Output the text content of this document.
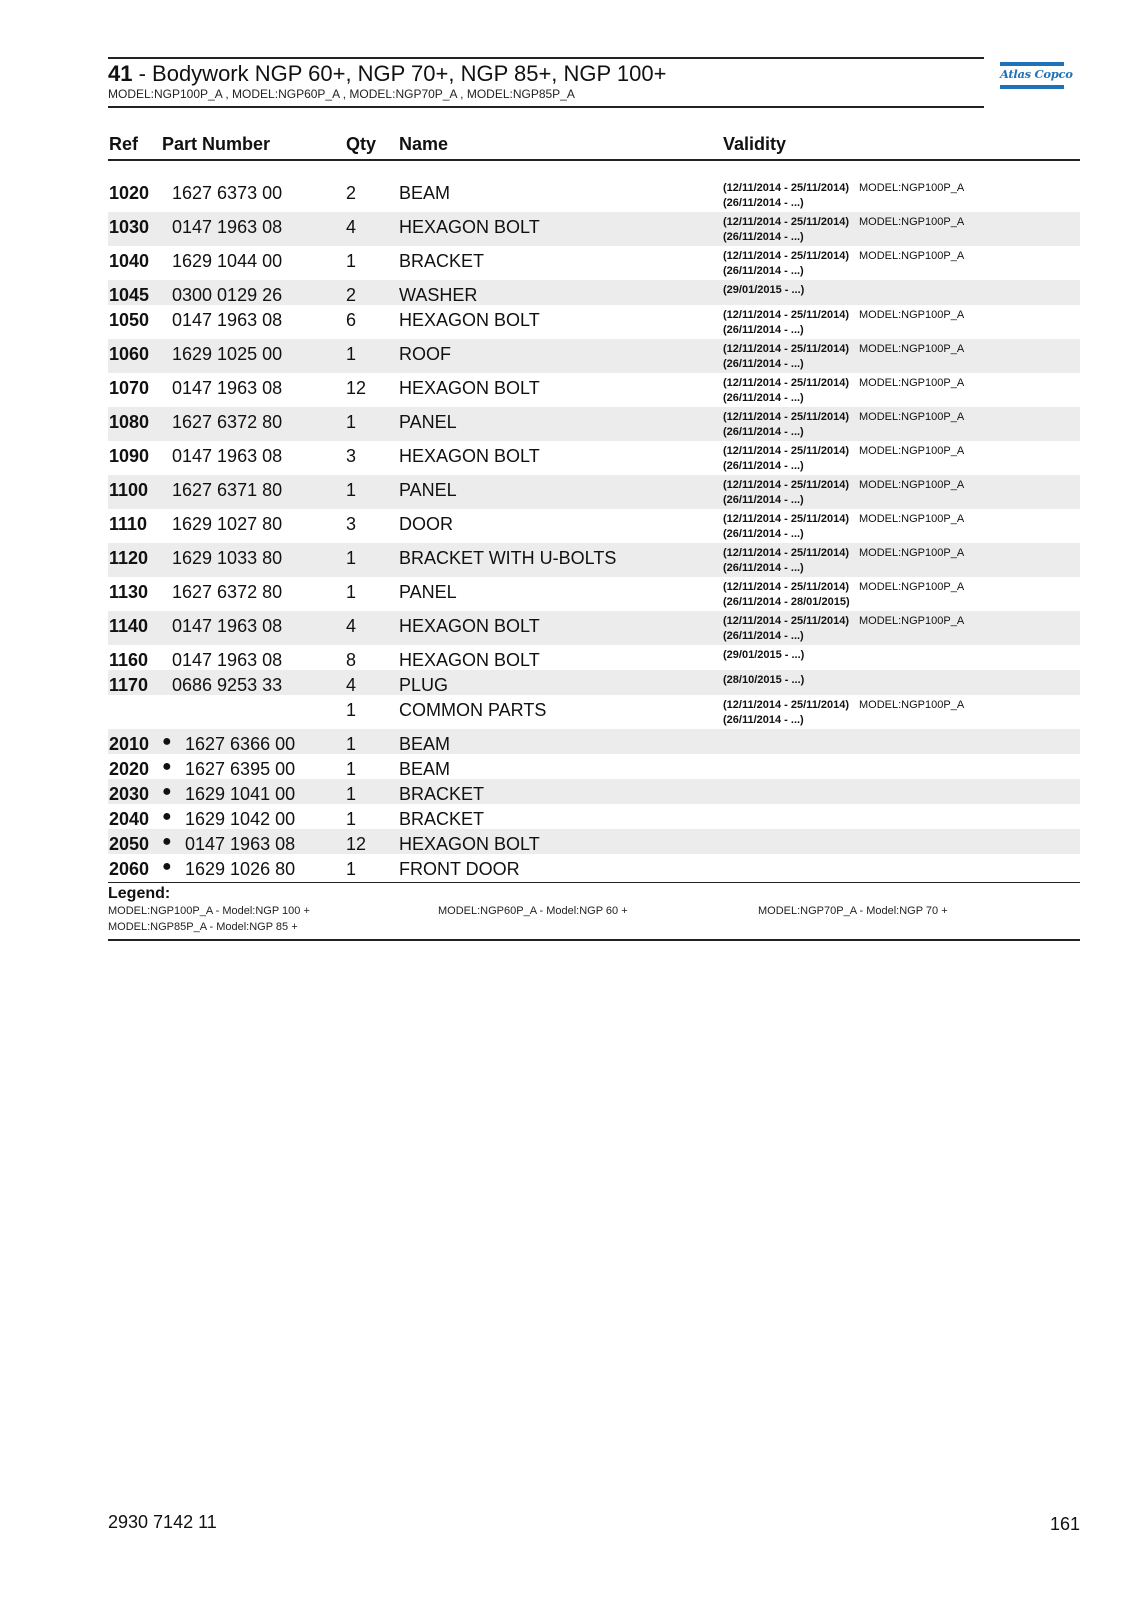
41 - Bodywork NGP 60+, NGP 70+, NGP 85+, NGP 100+
MODEL:NGP100P_A , MODEL:NGP60P_A , MODEL:NGP70P_A , MODEL:NGP85P_A
Atlas Copco
Ref Part Number	Qty Name	Validity
1020 1627 6373 00	2 BEAM	(12/11/2014 - 25/11/2014) MODEL:NGP100P_A
(26/11/2014 - ...)
1030 0147 1963 08	4 HEXAGON BOLT	(12/11/2014 - 25/11/2014) MODEL:NGP100P_A
(26/11/2014 - ...)
1040 1629 1044 00	1 BRACKET	(12/11/2014 - 25/11/2014) MODEL:NGP100P_A
(26/11/2014 - ...)
1045 0300 0129 26	2 WASHER	(29/01/2015 - ...)
1050 0147 1963 08	6 HEXAGON BOLT	(12/11/2014 - 25/11/2014) MODEL:NGP100P_A
(26/11/2014 - ...)
1060 1629 1025 00	1 ROOF	(12/11/2014 - 25/11/2014) MODEL:NGP100P_A
(26/11/2014 - ...)
1070 0147 1963 08	12 HEXAGON BOLT	(12/11/2014 - 25/11/2014) MODEL:NGP100P_A
(26/11/2014 - ...)
1080 1627 6372 80	1 PANEL	(12/11/2014 - 25/11/2014) MODEL:NGP100P_A
(26/11/2014 - ...)
1090 0147 1963 08	3 HEXAGON BOLT	(12/11/2014 - 25/11/2014) MODEL:NGP100P_A
(26/11/2014 - ...)
1100 1627 6371 80	1 PANEL	(12/11/2014 - 25/11/2014) MODEL:NGP100P_A
(26/11/2014 - ...)
1110 1629 1027 80	3 DOOR	(12/11/2014 - 25/11/2014) MODEL:NGP100P_A
(26/11/2014 - ...)
1120 1629 1033 80	1 BRACKET WITH U-BOLTS	(12/11/2014 - 25/11/2014) MODEL:NGP100P_A
(26/11/2014 - ...)
1130 1627 6372 80	1 PANEL	(12/11/2014 - 25/11/2014) MODEL:NGP100P_A
(26/11/2014 - 28/01/2015)
1140 0147 1963 08	4 HEXAGON BOLT	(12/11/2014 - 25/11/2014) MODEL:NGP100P_A
(26/11/2014 - ...)
1160 0147 1963 08	8 HEXAGON BOLT	(29/01/2015 - ...)
1170 0686 9253 33	4 PLUG	(28/10/2015 - ...)
1 COMMON PARTS	(12/11/2014 - 25/11/2014) MODEL:NGP100P_A
(26/11/2014 - ...)
2010 ● 1627 6366 00	1 BEAM
2020 ● 1627 6395 00	1 BEAM
2030 ● 1629 1041 00	1 BRACKET
2040 ● 1629 1042 00	1 BRACKET
2050 ● 0147 1963 08	12 HEXAGON BOLT
2060 ● 1629 1026 80	1 FRONT DOOR
Legend:
MODEL:NGP100P_A - Model:NGP 100 +	MODEL:NGP60P_A - Model:NGP 60 +	MODEL:NGP70P_A - Model:NGP 70 +
MODEL:NGP85P_A - Model:NGP 85 +
2930 7142 11	161
